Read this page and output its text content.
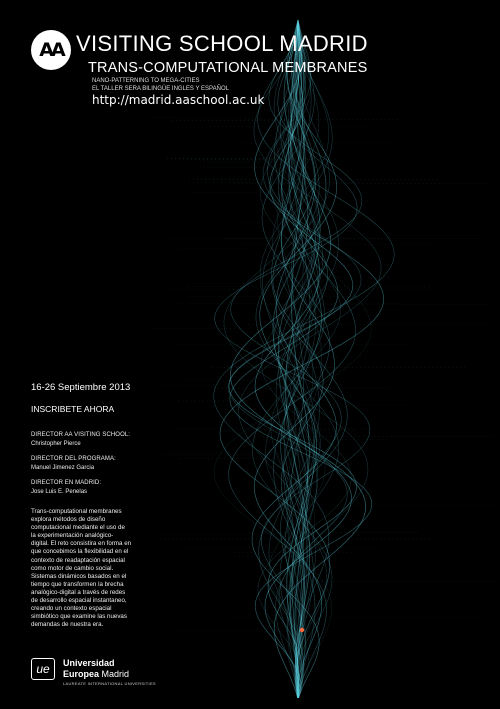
AA VISITING SCHOOL MADRID
TRANS-COMPUTATIONAL MEMBRANES
NANO-PATTERNING TO MEGA-CITIES
EL TALLER SERA BILINGÜE INGLES Y ESPAÑOL
http://madrid.aaschool.ac.uk
16-26 Septiembre 2013
INSCRIBETE AHORA
DIRECTOR AA VISITING SCHOOL:
Christopher Pierce
DIRECTOR DEL PROGRAMA:
Manuel Jimenez Garcia
DIRECTOR EN MADRID:
Jose Luis E. Penelas
Trans-computational membranes
explora métodos de diseño
computacional mediante el uso de
la experimentación analógico-
digital. El reto consistira en forma en
que concebimos la flexibilidad en el
contexto de readaptación espacial
como motor de cambio social.
Sistemas dinámicos basados en el
tiempo que transformen la brecha
analógico-digital a través de redes
de desarrollo espacial instantaneo,
creando un contexto espacial
simbiótico que examine las nuevas
demandas de nuestra era.
ue Universidad
Europea Madrid
LAUREATE INTERNATIONAL UNIVERSITIES
